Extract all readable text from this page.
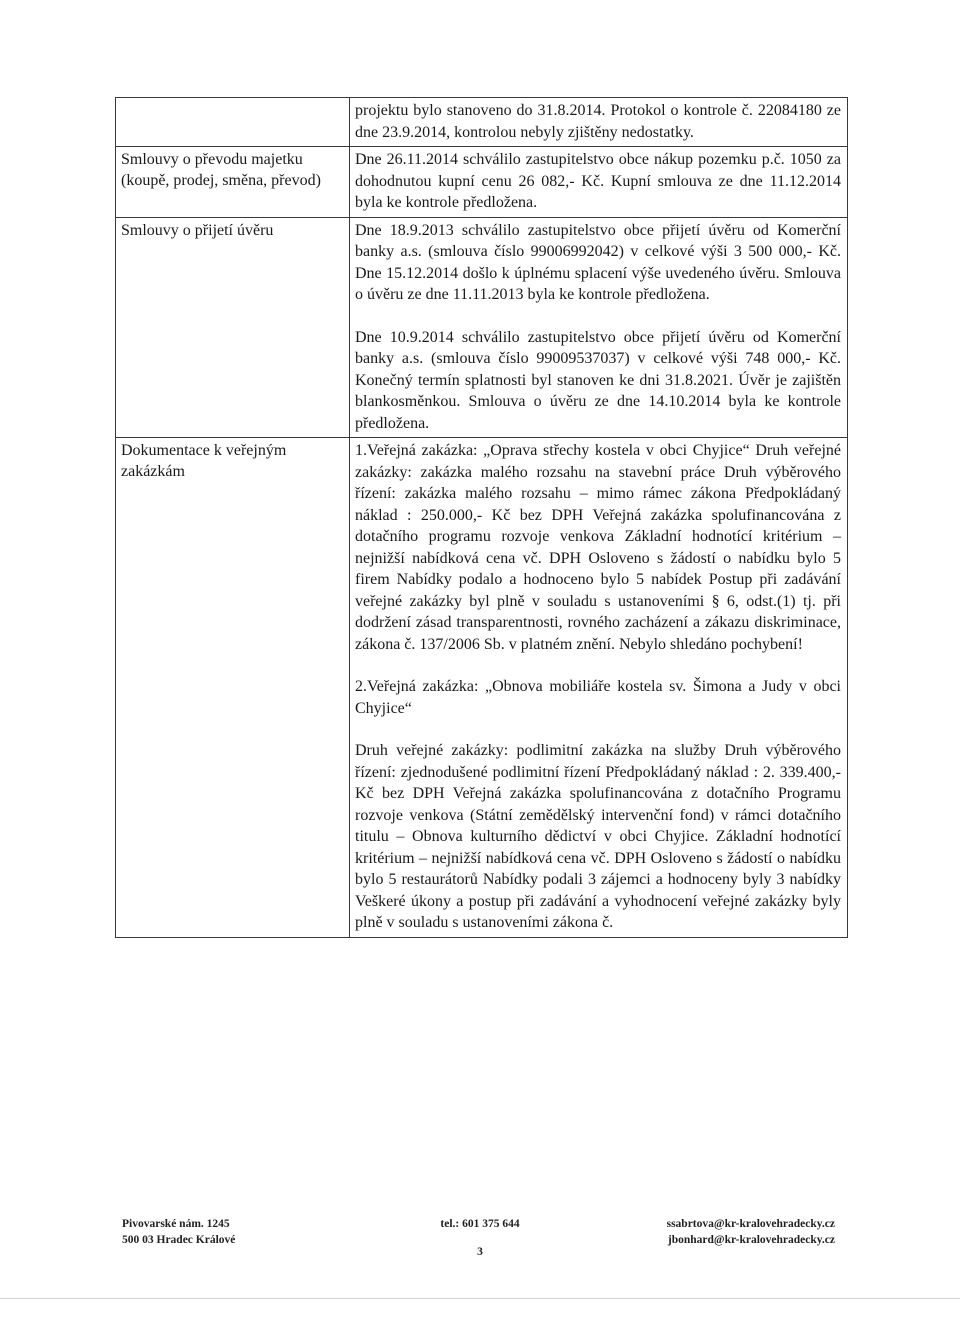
	projektu bylo stanoveno do 31.8.2014. Protokol o kontrole č. 22084180 ze dne 23.9.2014, kontrolou nebyly zjištěny nedostatky.

Smlouvy o převodu majetku (koupě, prodej, směna, převod)	Dne 26.11.2014 schválilo zastupitelstvo obce nákup pozemku p.č. 1050 za dohodnutou kupní cenu 26 082,- Kč. Kupní smlouva ze dne 11.12.2014 byla ke kontrole předložena.

Smlouvy o přijetí úvěru	Dne 18.9.2013 schválilo zastupitelstvo obce přijetí úvěru od Komerční banky a.s. (smlouva číslo 99006992042) v celkové výši 3 500 000,- Kč. Dne 15.12.2014 došlo k úplnému splacení výše uvedeného úvěru. Smlouva o úvěru ze dne 11.11.2013 byla ke kontrole předložena.
Dne 10.9.2014 schválilo zastupitelstvo obce přijetí úvěru od Komerční banky a.s. (smlouva číslo 99009537037) v celkové výši 748 000,- Kč. Konečný termín splatnosti byl stanoven ke dni 31.8.2021. Úvěr je zajištěn blankosměnkou. Smlouva o úvěru ze dne 14.10.2014 byla ke kontrole předložena.

Dokumentace k veřejným zakázkám	1.Veřejná zakázka: „Oprava střechy kostela v obci Chyjice“ Druh veřejné zakázky: zakázka malého rozsahu na stavební práce Druh výběrového řízení: zakázka malého rozsahu – mimo rámec zákona Předpokládaný náklad : 250.000,- Kč bez DPH Veřejná zakázka spolufinancována z dotačního programu rozvoje venkova Základní hodnotící kritérium – nejnižší nabídková cena vč. DPH Osloveno s žádostí o nabídku bylo 5 firem Nabídky podalo a hodnoceno bylo 5 nabídek Postup při zadávání veřejné zakázky byl plně v souladu s ustanoveními § 6, odst.(1) tj. při dodržení zásad transparentnosti, rovného zacházení a zákazu diskriminace, zákona č. 137/2006 Sb. v platném znění. Nebylo shledáno pochybení!
2.Veřejná zakázka: „Obnova mobiliáře kostela sv. Šimona a Judy v obci Chyjice“
Druh veřejné zakázky: podlimitní zakázka na služby Druh výběrového řízení: zjednodušené podlimitní řízení Předpokládaný náklad : 2. 339.400,- Kč bez DPH Veřejná zakázka spolufinancována z dotačního Programu rozvoje venkova (Státní zemědělský intervenční fond) v rámci dotačního titulu – Obnova kulturního dědictví v obci Chyjice. Základní hodnotící kritérium – nejnižší nabídková cena vč. DPH Osloveno s žádostí o nabídku bylo 5 restaurátorů Nabídky podali 3 zájemci a hodnoceny byly 3 nabídky Veškeré úkony a postup při zadávání a vyhodnocení veřejné zakázky byly plně v souladu s ustanoveními zákona č.
Pivovarské nám. 1245
500 03 Hradec Králové
tel.: 601 375 644
3
ssabrtova@kr-kralovehradecky.cz
jbonhard@kr-kralovehradecky.cz
